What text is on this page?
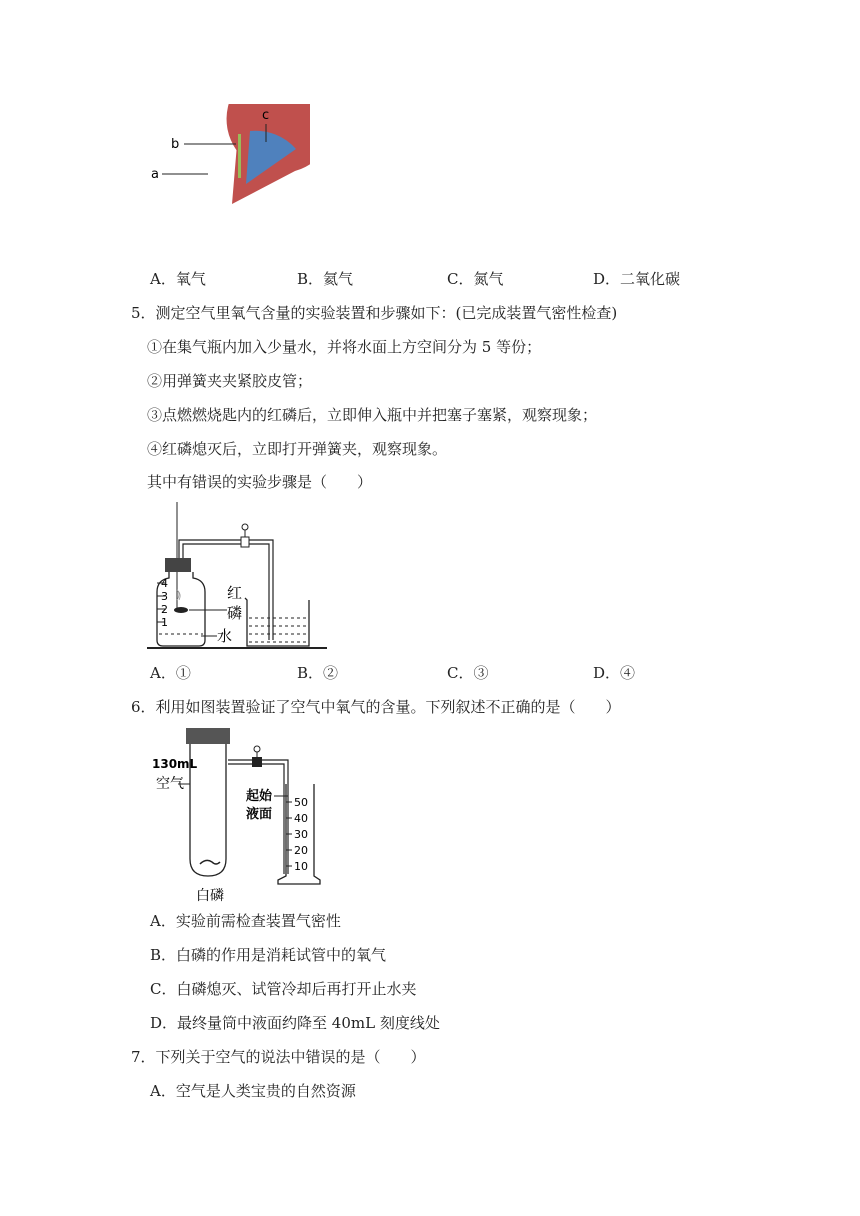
a
b
c
A．氧气	B．氦气	C．氮气	D．二氧化碳
5．测定空气里氧气含量的实验装置和步骤如下：(已完成装置气密性检查)
①在集气瓶内加入少量水，并将水面上方空间分为 5 等份；
②用弹簧夹夹紧胶皮管；
③点燃燃烧匙内的红磷后，立即伸入瓶中并把塞子塞紧，观察现象；
④红磷熄灭后，立即打开弹簧夹，观察现象。
其中有错误的实验步骤是（　　）
4
3
2
1
红
磷
水
A．①	B．②	C．③	D．④
6．利用如图装置验证了空气中氧气的含量。下列叙述不正确的是（　　）
130mL
空气
白磷
50
40
30
20
10
起始
液面
A．实验前需检查装置气密性
B．白磷的作用是消耗试管中的氧气
C．白磷熄灭、试管冷却后再打开止水夹
D．最终量筒中液面约降至 40mL 刻度线处
7．下列关于空气的说法中错误的是（　　）
A．空气是人类宝贵的自然资源
